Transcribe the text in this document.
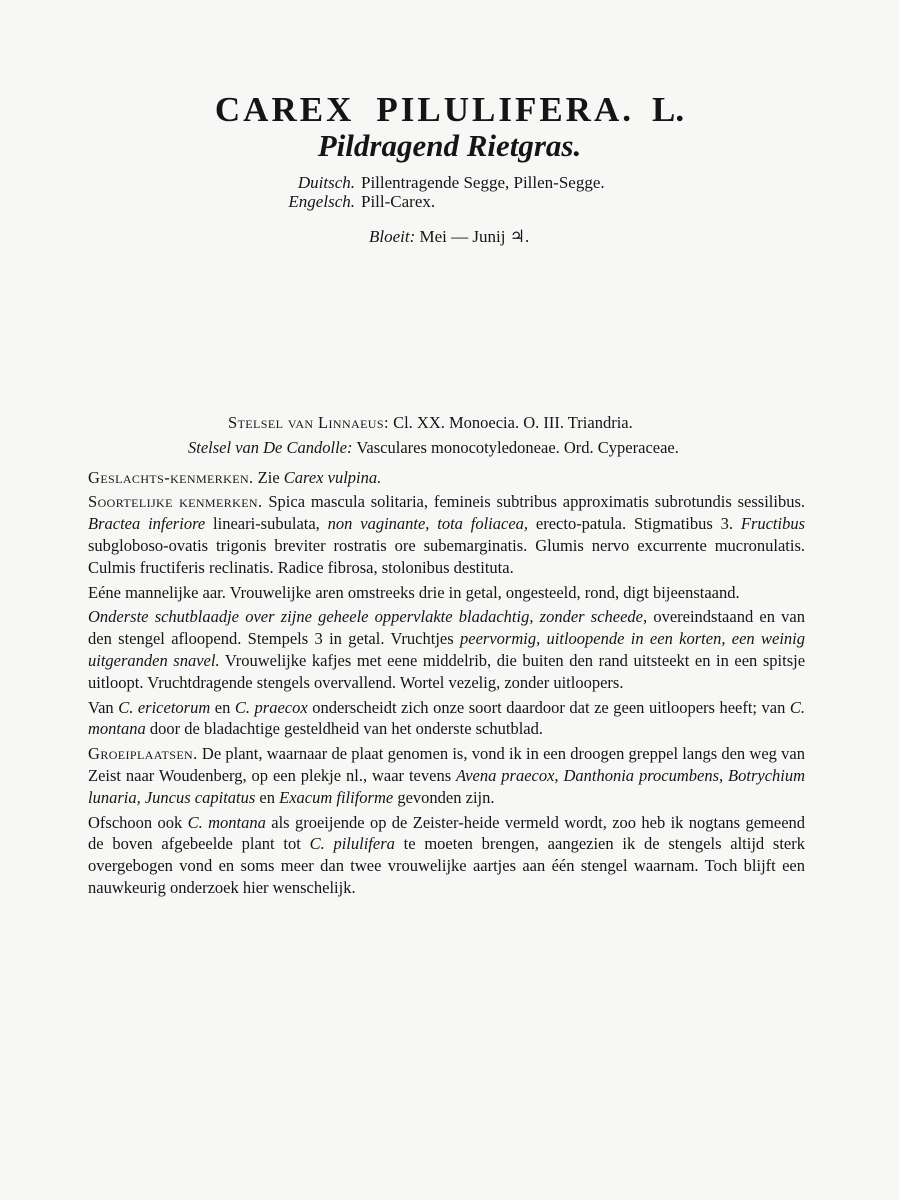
CAREX PILULIFERA. L.
Pildragend Rietgras.
Duitsch. Pillentragende Segge, Pillen-Segge.
Engelsch. Pill-Carex.
Bloeit: Mei — Junij ♃.

Stelsel van Linnaeus: Cl. XX. Monoecia. O. III. Triandria.

Stelsel van De Candolle: Vasculares monocotyledoneae. Ord. Cyperaceae.

Geslachts-kenmerken. Zie Carex vulpina.

Soortelijke kenmerken. Spica mascula solitaria, femineis subtribus approximatis subrotundis sessilibus. Bractea inferiore lineari-subulata, non vaginante, tota foliacea, erecto-patula. Stigmatibus 3. Fructibus subgloboso-ovatis trigonis breviter rostratis ore subemarginatis. Glumis nervo excurrente mucronulatis. Culmis fructiferis reclinatis. Radice fibrosa, stolonibus destituta.

Eéne mannelijke aar. Vrouwelijke aren omstreeks drie in getal, ongesteeld, rond, digt bijeenstaand.

Onderste schutblaadje over zijne geheele oppervlakte bladachtig, zonder scheede, overeindstaand en van den stengel afloopend. Stempels 3 in getal. Vruchtjes peervormig, uitloopende in een korten, een weinig uitgeranden snavel. Vrouwelijke kafjes met eene middelrib, die buiten den rand uitsteekt en in een spitsje uitloopt. Vruchtdragende stengels overvallend. Wortel vezelig, zonder uitloopers.

Van C. ericetorum en C. praecox onderscheidt zich onze soort daardoor dat ze geen uitloopers heeft; van C. montana door de bladachtige gesteldheid van het onderste schutblad.

Groeiplaatsen. De plant, waarnaar de plaat genomen is, vond ik in een droogen greppel langs den weg van Zeist naar Woudenberg, op een plekje nl., waar tevens Avena praecox, Danthonia procumbens, Botrychium lunaria, Juncus capitatus en Exacum filiforme gevonden zijn.

Ofschoon ook C. montana als groeijende op de Zeister-heide vermeld wordt, zoo heb ik nogtans gemeend de boven afgebeelde plant tot C. pilulifera te moeten brengen, aangezien ik de stengels altijd sterk overgebogen vond en soms meer dan twee vrouwelijke aartjes aan één stengel waarnam. Toch blijft een nauwkeurig onderzoek hier wenschelijk.
